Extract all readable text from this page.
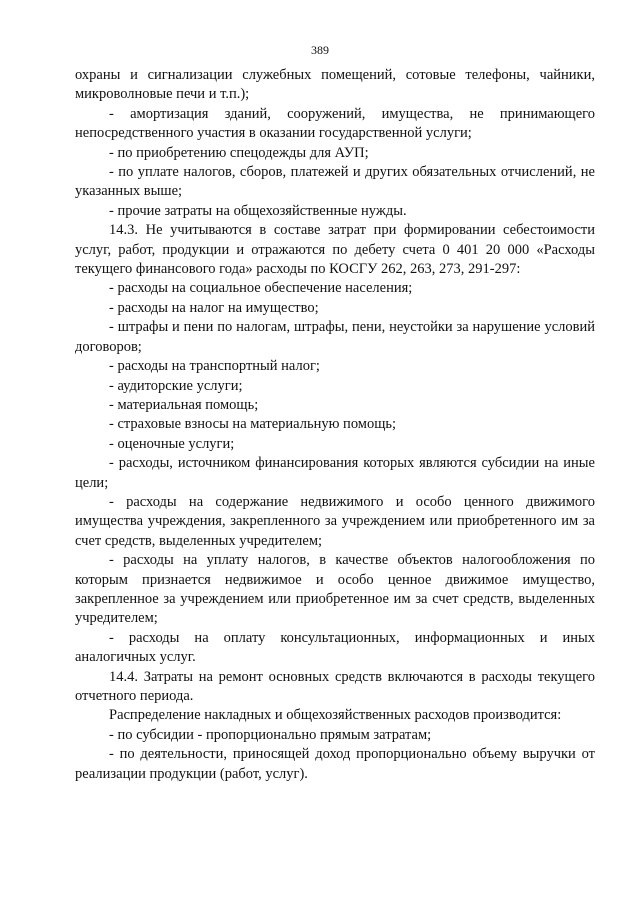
389

охраны и сигнализации служебных помещений, сотовые телефоны, чайники, микроволновые печи и т.п.);

- амортизация зданий, сооружений, имущества, не принимающего непосредственного участия в оказании государственной услуги;

- по приобретению спецодежды для АУП;

- по уплате налогов, сборов, платежей и других обязательных отчислений, не указанных выше;

- прочие затраты на общехозяйственные нужды.

14.3. Не учитываются в составе затрат при формировании себестоимости услуг, работ, продукции и отражаются по дебету счета 0 401 20 000 «Расходы текущего финансового года» расходы по КОСГУ 262, 263, 273, 291-297:

- расходы на социальное обеспечение населения;

- расходы на налог на имущество;

- штрафы и пени по налогам, штрафы, пени, неустойки за нарушение условий договоров;

- расходы на транспортный налог;

- аудиторские услуги;

- материальная помощь;

- страховые взносы на материальную помощь;

- оценочные услуги;

- расходы, источником финансирования которых являются субсидии на иные цели;

- расходы на содержание недвижимого и особо ценного движимого имущества учреждения, закрепленного за учреждением или приобретенного им за счет средств, выделенных учредителем;

- расходы на уплату налогов, в качестве объектов налогообложения по которым признается недвижимое и особо ценное движимое имущество, закрепленное за учреждением или приобретенное им за счет средств, выделенных учредителем;

- расходы на оплату консультационных, информационных и иных аналогичных услуг.

14.4. Затраты на ремонт основных средств включаются в расходы текущего отчетного периода.

Распределение накладных и общехозяйственных расходов производится:

- по субсидии - пропорционально прямым затратам;

- по деятельности, приносящей доход пропорционально объему выручки от реализации продукции (работ, услуг).
